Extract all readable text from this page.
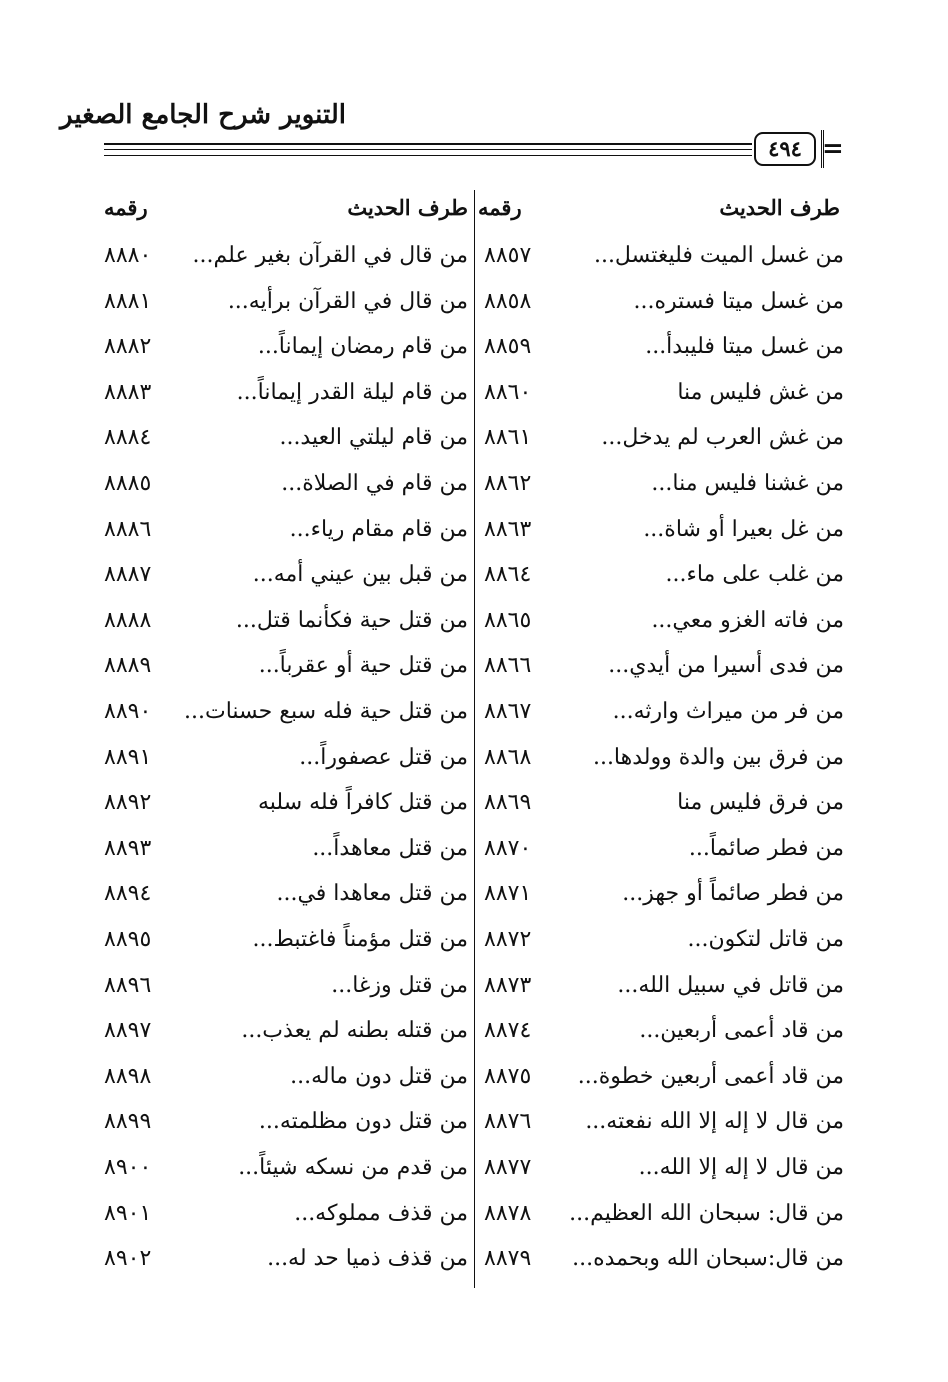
التنوير شرح الجامع الصغير
٤٩٤ =
طرف الحديث
رقمه
طرف الحديث
رقمه
من غسل الميت فليغتسل...
٨٨٥٧
من قال في القرآن بغير علم...
٨٨٨٠
من غسل ميتا فستره...
٨٨٥٨
من قال في القرآن برأيه...
٨٨٨١
من غسل ميتا فليبدأ...
٨٨٥٩
من قام رمضان إيماناً...
٨٨٨٢
من غش فليس منا
٨٨٦٠
من قام ليلة القدر إيماناً...
٨٨٨٣
من غش العرب لم يدخل...
٨٨٦١
من قام ليلتي العيد...
٨٨٨٤
من غشنا فليس منا...
٨٨٦٢
من قام في الصلاة...
٨٨٨٥
من غل بعيرا أو شاة...
٨٨٦٣
من قام مقام رياء...
٨٨٨٦
من غلب على ماء...
٨٨٦٤
من قبل بين عيني أمه...
٨٨٨٧
من فاته الغزو معي...
٨٨٦٥
من قتل حية فكأنما قتل...
٨٨٨٨
من فدى أسيرا من أيدي...
٨٨٦٦
من قتل حية أو عقرباً...
٨٨٨٩
من فر من ميراث وارثه...
٨٨٦٧
من قتل حية فله سبع حسنات...
٨٨٩٠
من فرق بين والدة وولدها...
٨٨٦٨
من قتل عصفوراً...
٨٨٩١
من فرق فليس منا
٨٨٦٩
من قتل كافراً فله سلبه
٨٨٩٢
من فطر صائماً...
٨٨٧٠
من قتل معاهداً...
٨٨٩٣
من فطر صائماً أو جهز...
٨٨٧١
من قتل معاهدا في...
٨٨٩٤
من قاتل لتكون...
٨٨٧٢
من قتل مؤمناً فاغتبط...
٨٨٩٥
من قاتل في سبيل الله...
٨٨٧٣
من قتل وزغا...
٨٨٩٦
من قاد أعمى أربعين...
٨٨٧٤
من قتله بطنه لم يعذب...
٨٨٩٧
من قاد أعمى أربعين خطوة...
٨٨٧٥
من قتل دون ماله...
٨٨٩٨
من قال لا إله إلا الله نفعته...
٨٨٧٦
من قتل دون مظلمته...
٨٨٩٩
من قال لا إله إلا الله...
٨٨٧٧
من قدم من نسكه شيئاً...
٨٩٠٠
من قال: سبحان الله العظيم...
٨٨٧٨
من قذف مملوكه...
٨٩٠١
من قال:سبحان الله وبحمده...
٨٨٧٩
من قذف ذميا حد له...
٨٩٠٢
